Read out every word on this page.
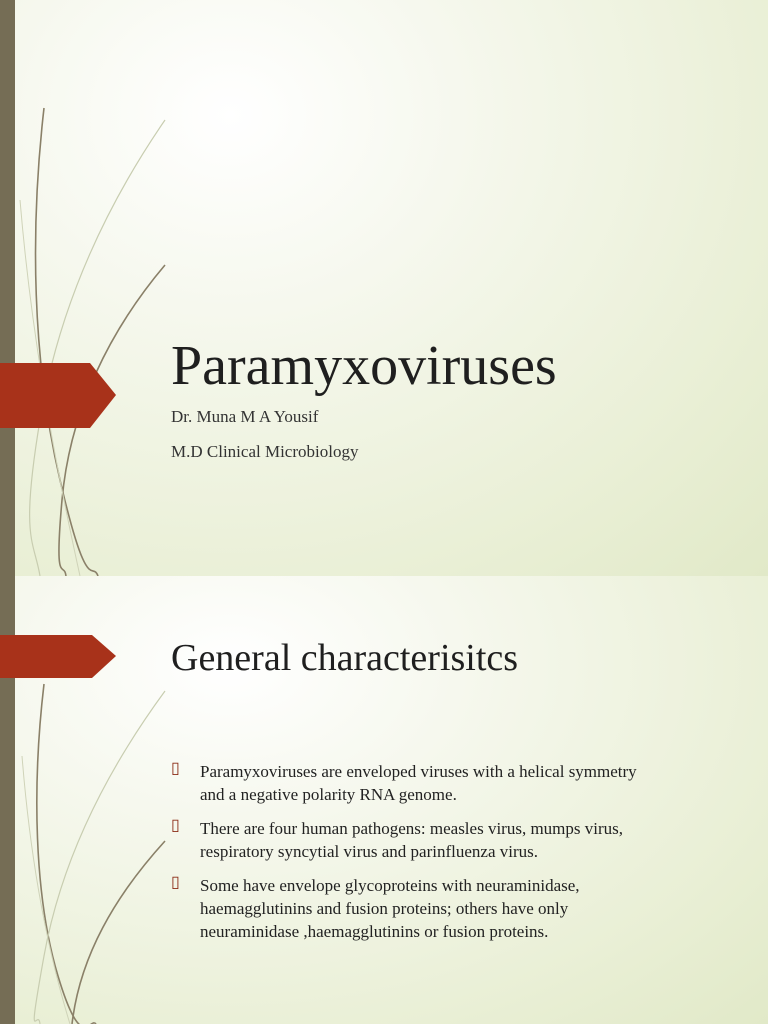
Paramyxoviruses

Dr. Muna M A Yousif

M.D Clinical Microbiology

General characterisitcs
▯ Paramyxoviruses are enveloped viruses with a helical symmetry
and a negative polarity RNA genome.
▯ There are four human pathogens: measles virus, mumps virus,
respiratory syncytial virus and parinfluenza virus.
▯ Some have envelope glycoproteins with neuraminidase,
haemagglutinins and fusion proteins; others have only
neuraminidase ,haemagglutinins or fusion proteins.
